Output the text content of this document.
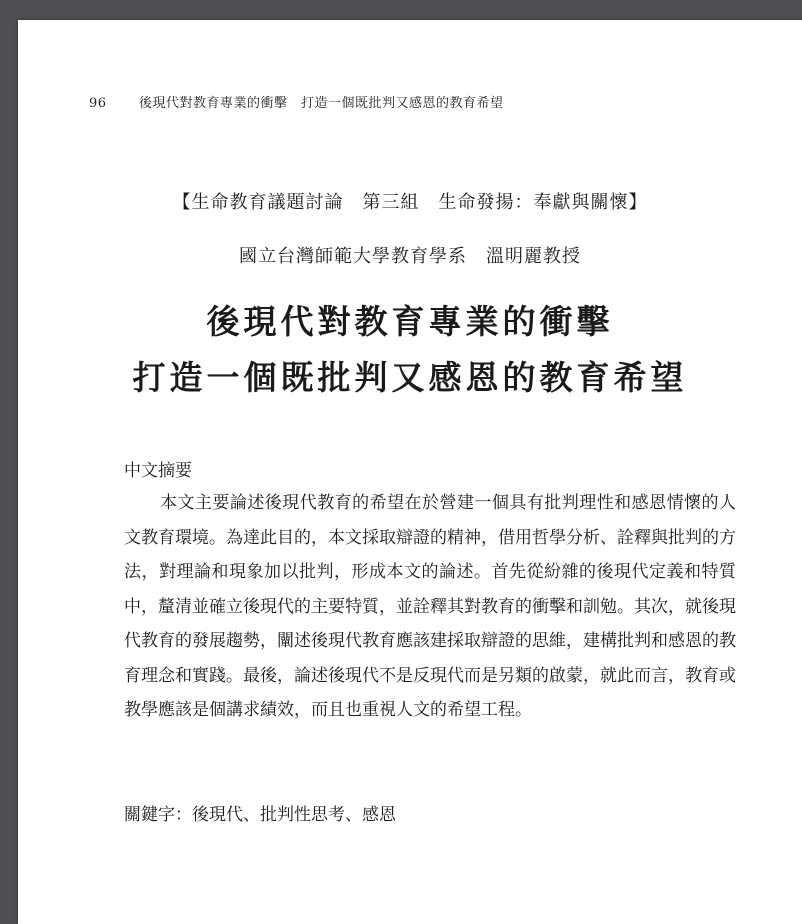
96 後現代對教育專業的衝擊　打造一個既批判又感恩的教育希望
【生命教育議題討論　第三組　生命發揚：奉獻與關懷】
國立台灣師範大學教育學系　溫明麗教授
後現代對教育專業的衝擊
打造一個既批判又感恩的教育希望
中文摘要
本文主要論述後現代教育的希望在於營建一個具有批判理性和感恩情懷的人文教育環境。為達此目的，本文採取辯證的精神，借用哲學分析、詮釋與批判的方法，對理論和現象加以批判，形成本文的論述。首先從紛雜的後現代定義和特質中，釐清並確立後現代的主要特質，並詮釋其對教育的衝擊和訓勉。其次，就後現代教育的發展趨勢，闡述後現代教育應該建採取辯證的思維，建構批判和感恩的教育理念和實踐。最後，論述後現代不是反現代而是另類的啟蒙，就此而言，教育或教學應該是個講求績效，而且也重視人文的希望工程。
關鍵字：後現代、批判性思考、感恩
